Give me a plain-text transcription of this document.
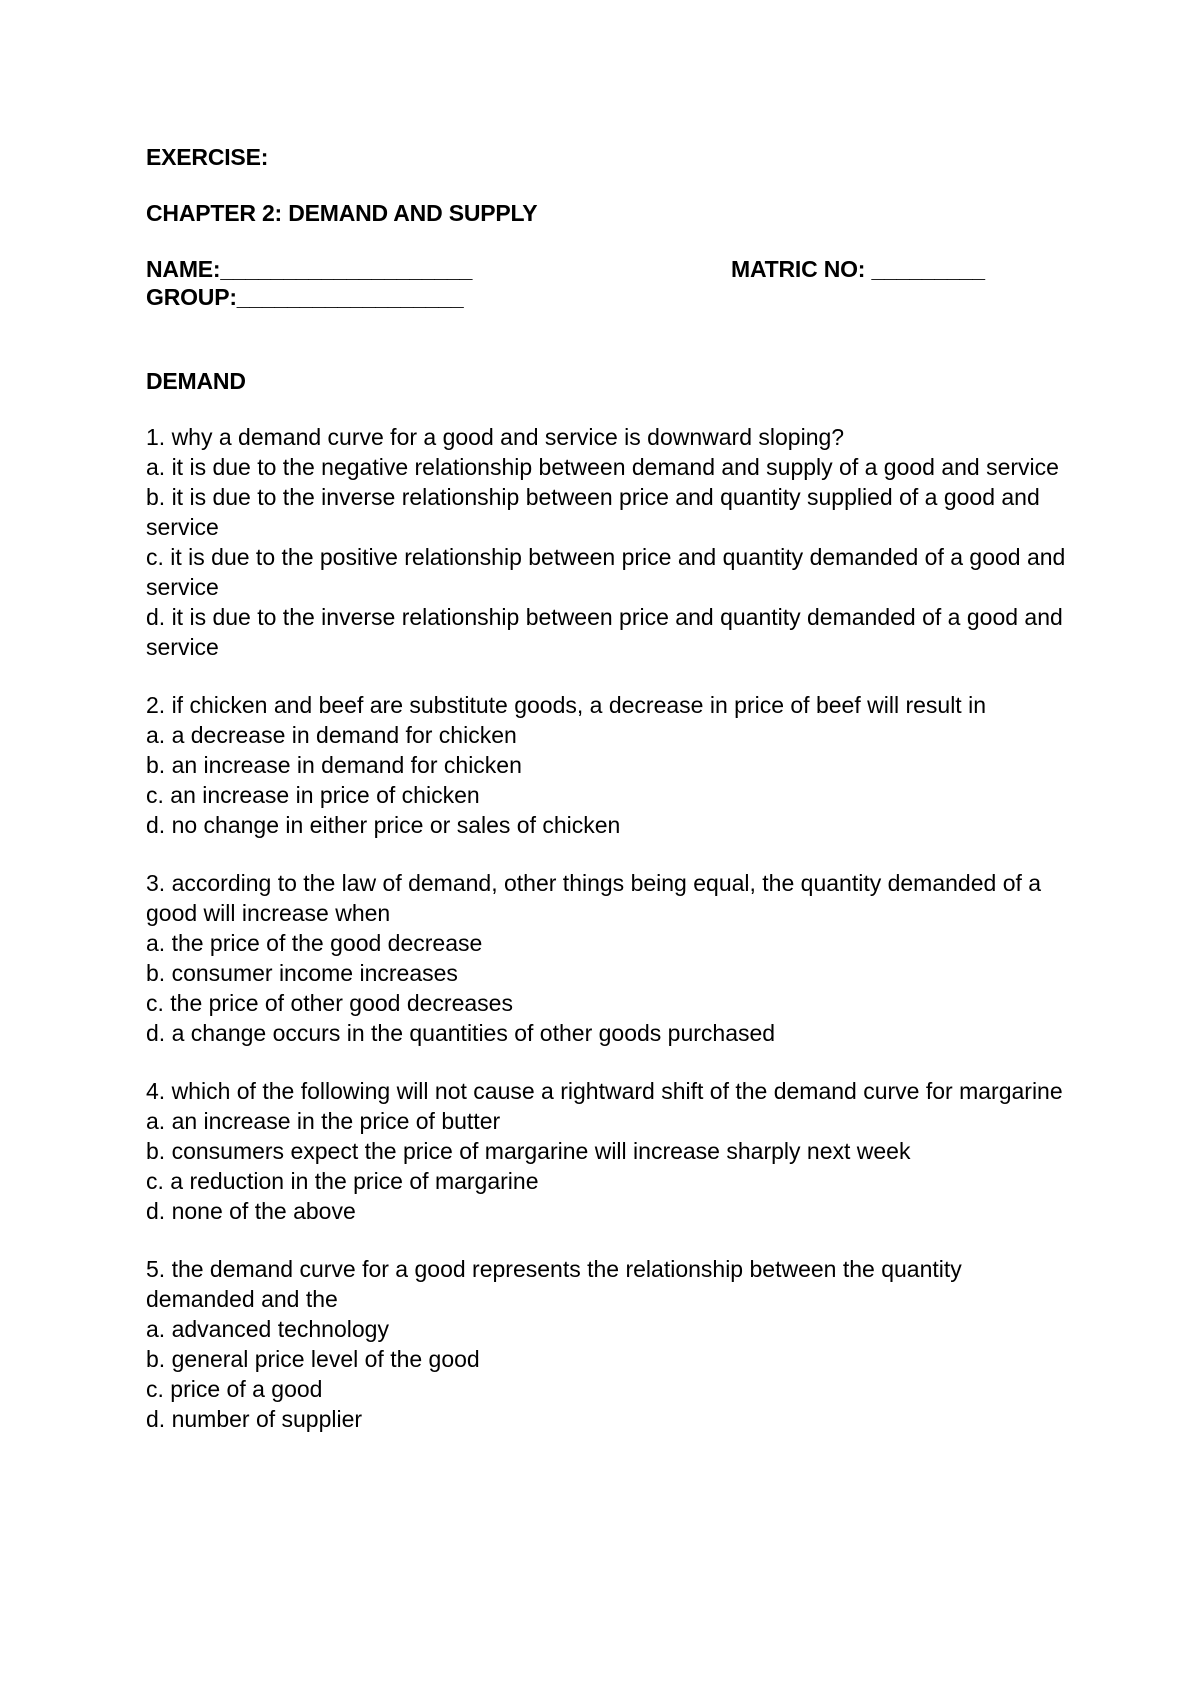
EXERCISE:
CHAPTER 2: DEMAND AND SUPPLY
NAME:____________________	MATRIC NO: _________
GROUP:__________________
DEMAND

1. why a demand curve for a good and service is downward sloping?

a. it is due to the negative relationship between demand and supply of a good and service

b. it is due to the inverse relationship between price and quantity supplied of a good and service

c. it is due to the positive relationship between price and quantity demanded of a good and service

d. it is due to the inverse relationship between price and quantity demanded of a good and service

2. if chicken and beef are substitute goods, a decrease in price of beef will result in

a. a decrease in demand for chicken

b. an increase in demand for chicken

c. an increase in price of chicken

d. no change in either price or sales of chicken

3. according to the law of demand, other things being equal, the quantity demanded of a good will increase when

a. the price of the good decrease

b. consumer income increases

c. the price of other good decreases

d. a change occurs in the quantities of other goods purchased

4. which of the following will not cause a rightward shift of the demand curve for margarine

a. an increase in the price of butter

b. consumers expect the price of margarine will increase sharply next week

c. a reduction in the price of margarine

d. none of the above

5. the demand curve for a good represents the relationship between the quantity demanded and the

a. advanced technology

b. general price level of the good

c. price of a good

d. number of supplier
